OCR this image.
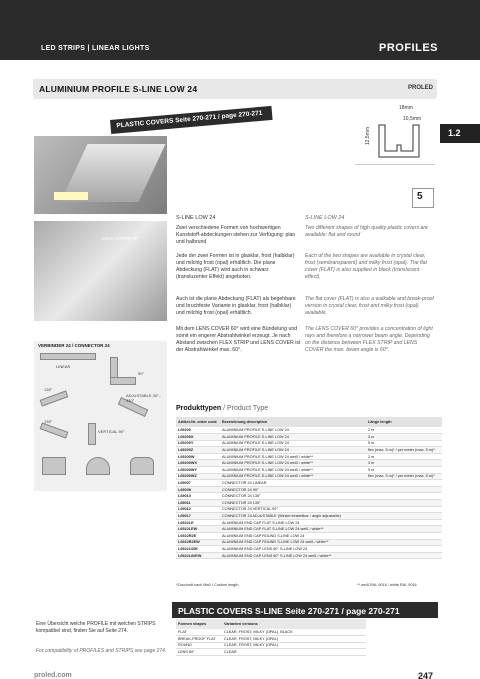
LED STRIPS | LINEAR LIGHTS	PROFILES
ALUMINIUM PROFILE S-LINE LOW 24	PROLED
1.2
PLASTIC COVERS Seite 270-271 / page 270-271
18mm
10,5mm
12,5mm
5
LENS COVER 60°
S-LINE LOW 24	S-LINE LOW 24
Zwei verschiedene Formen von hochwertigen Kunststoff-abdeckungen stehen zur Verfügung: plan und halbrund
Jede der zwei Formen ist in glasklar, frost (halbklar) und milchig frost (opal) erhältlich. Die plane Abdeckung (FLAT) wird auch in schwarz (transluzenter Effekt) angeboten.
Auch ist die plane Abdeckung (FLAT) als begehbare und bruchfeste Variante in glasklar, frost (halbklar) und milchig frost (opal) erhältlich.
Mit dem LENS COVER 60° wird eine Bündelung und somit ein engerer Abstrahlwinkel erzeugt. Je nach Abstand zwischen FLEX STRIP und LENS COVER ist der Abstrahlwinkel max. 60°.
Two different shapes of high quality plastic covers are available: flat and round
Each of the two shapes are available in crystal clear, frost (semitransparent) and milky frost (opal). The flat cover (FLAT) is also supplied in black (translucent effect).
The flat cover (FLAT) is also a walkable and break-proof version in crystal clear, frost and milky frost (opal) available.
The LENS COVER 60° provides a concentration of light rays and therefore a narrower beam angle. Depending on the distance between FLEX STRIP and LENS COVER the max. beam angle is 60°.
VERBINDER 24 / CONNECTOR 24
LINEAR
90°
135°
ADJUSTABLE 30°–330°
135°
VERTICAL 90°
Produkttypen / Product Type
Artikel-Nr. order code	Bezeichnung description	Länge length
L69200	ALUMINIUM PROFILE S-LINE LOW 24	2 m
L69200X	ALUMINIUM PROFILE S-LINE LOW 24	3 m
L69200Y	ALUMINIUM PROFILE S-LINE LOW 24	5 m
L69200Z	ALUMINIUM PROFILE S-LINE LOW 24	flex (max. 5 m)* / per meter (max. 5 m)*
L69200W	ALUMINIUM PROFILE S-LINE LOW 24 weiß / white**	2 m
L69200WX	ALUMINIUM PROFILE S-LINE LOW 24 weiß / white**	3 m
L69200WY	ALUMINIUM PROFILE S-LINE LOW 24 weiß / white**	5 m
L69200WZ	ALUMINIUM PROFILE S-LINE LOW 24 weiß / white**	flex (max. 5 m)* / per meter (max. 5 m)*
L69007	CONNECTOR 24 LINEAR	
L69008	CONNECTOR 24 90°	
L69010	CONNECTOR 24 135°	
L69011	CONNECTOR 24 135°	
L69012	CONNECTOR 24 VERTICAL 90°	
L69017	CONNECTOR 24 ADJUSTABLE (Winkel einstellbar / angle adjustable)	
L6922LE	ALUMINIUM END CAP FLAT S-LINE LOW 24	
L6922LEW	ALUMINIUM END CAP FLAT S-LINE LOW 24 weiß / white**	
L6922R2E	ALUMINIUM END CAP ROUND S-LINE LOW 24	
L6922R2EW	ALUMINIUM END CAP ROUND S-LINE LOW 24 weiß / white**	
L6922L60E	ALUMINIUM END CAP LENS 60° S-LINE LOW 24	
L6922L60EW	ALUMINIUM END CAP LENS 60° S-LINE LOW 24 weiß / white**	
*Zuschnitt nach Maß / Custom length	** weiß RAL 9016 / white RAL 9016
PLASTIC COVERS S-LINE Seite 270-271 / page 270-271
Formen shapes	Varianten versions
FLAT	CLEAR, FROST, MILKY (OPAL), BLACK
BREAK-PROOF FLAT	CLEAR, FROST, MILKY (OPAL)
ROUND	CLEAR, FROST, MILKY (OPAL)
LENS 60°	CLEAR
Eine Übersicht welche PROFILE mit welchen STRIPS kompatibel sind, finden Sie auf Seite 274.
For compatibility of PROFILES and STRIPS see page 274.
proled.com	247
